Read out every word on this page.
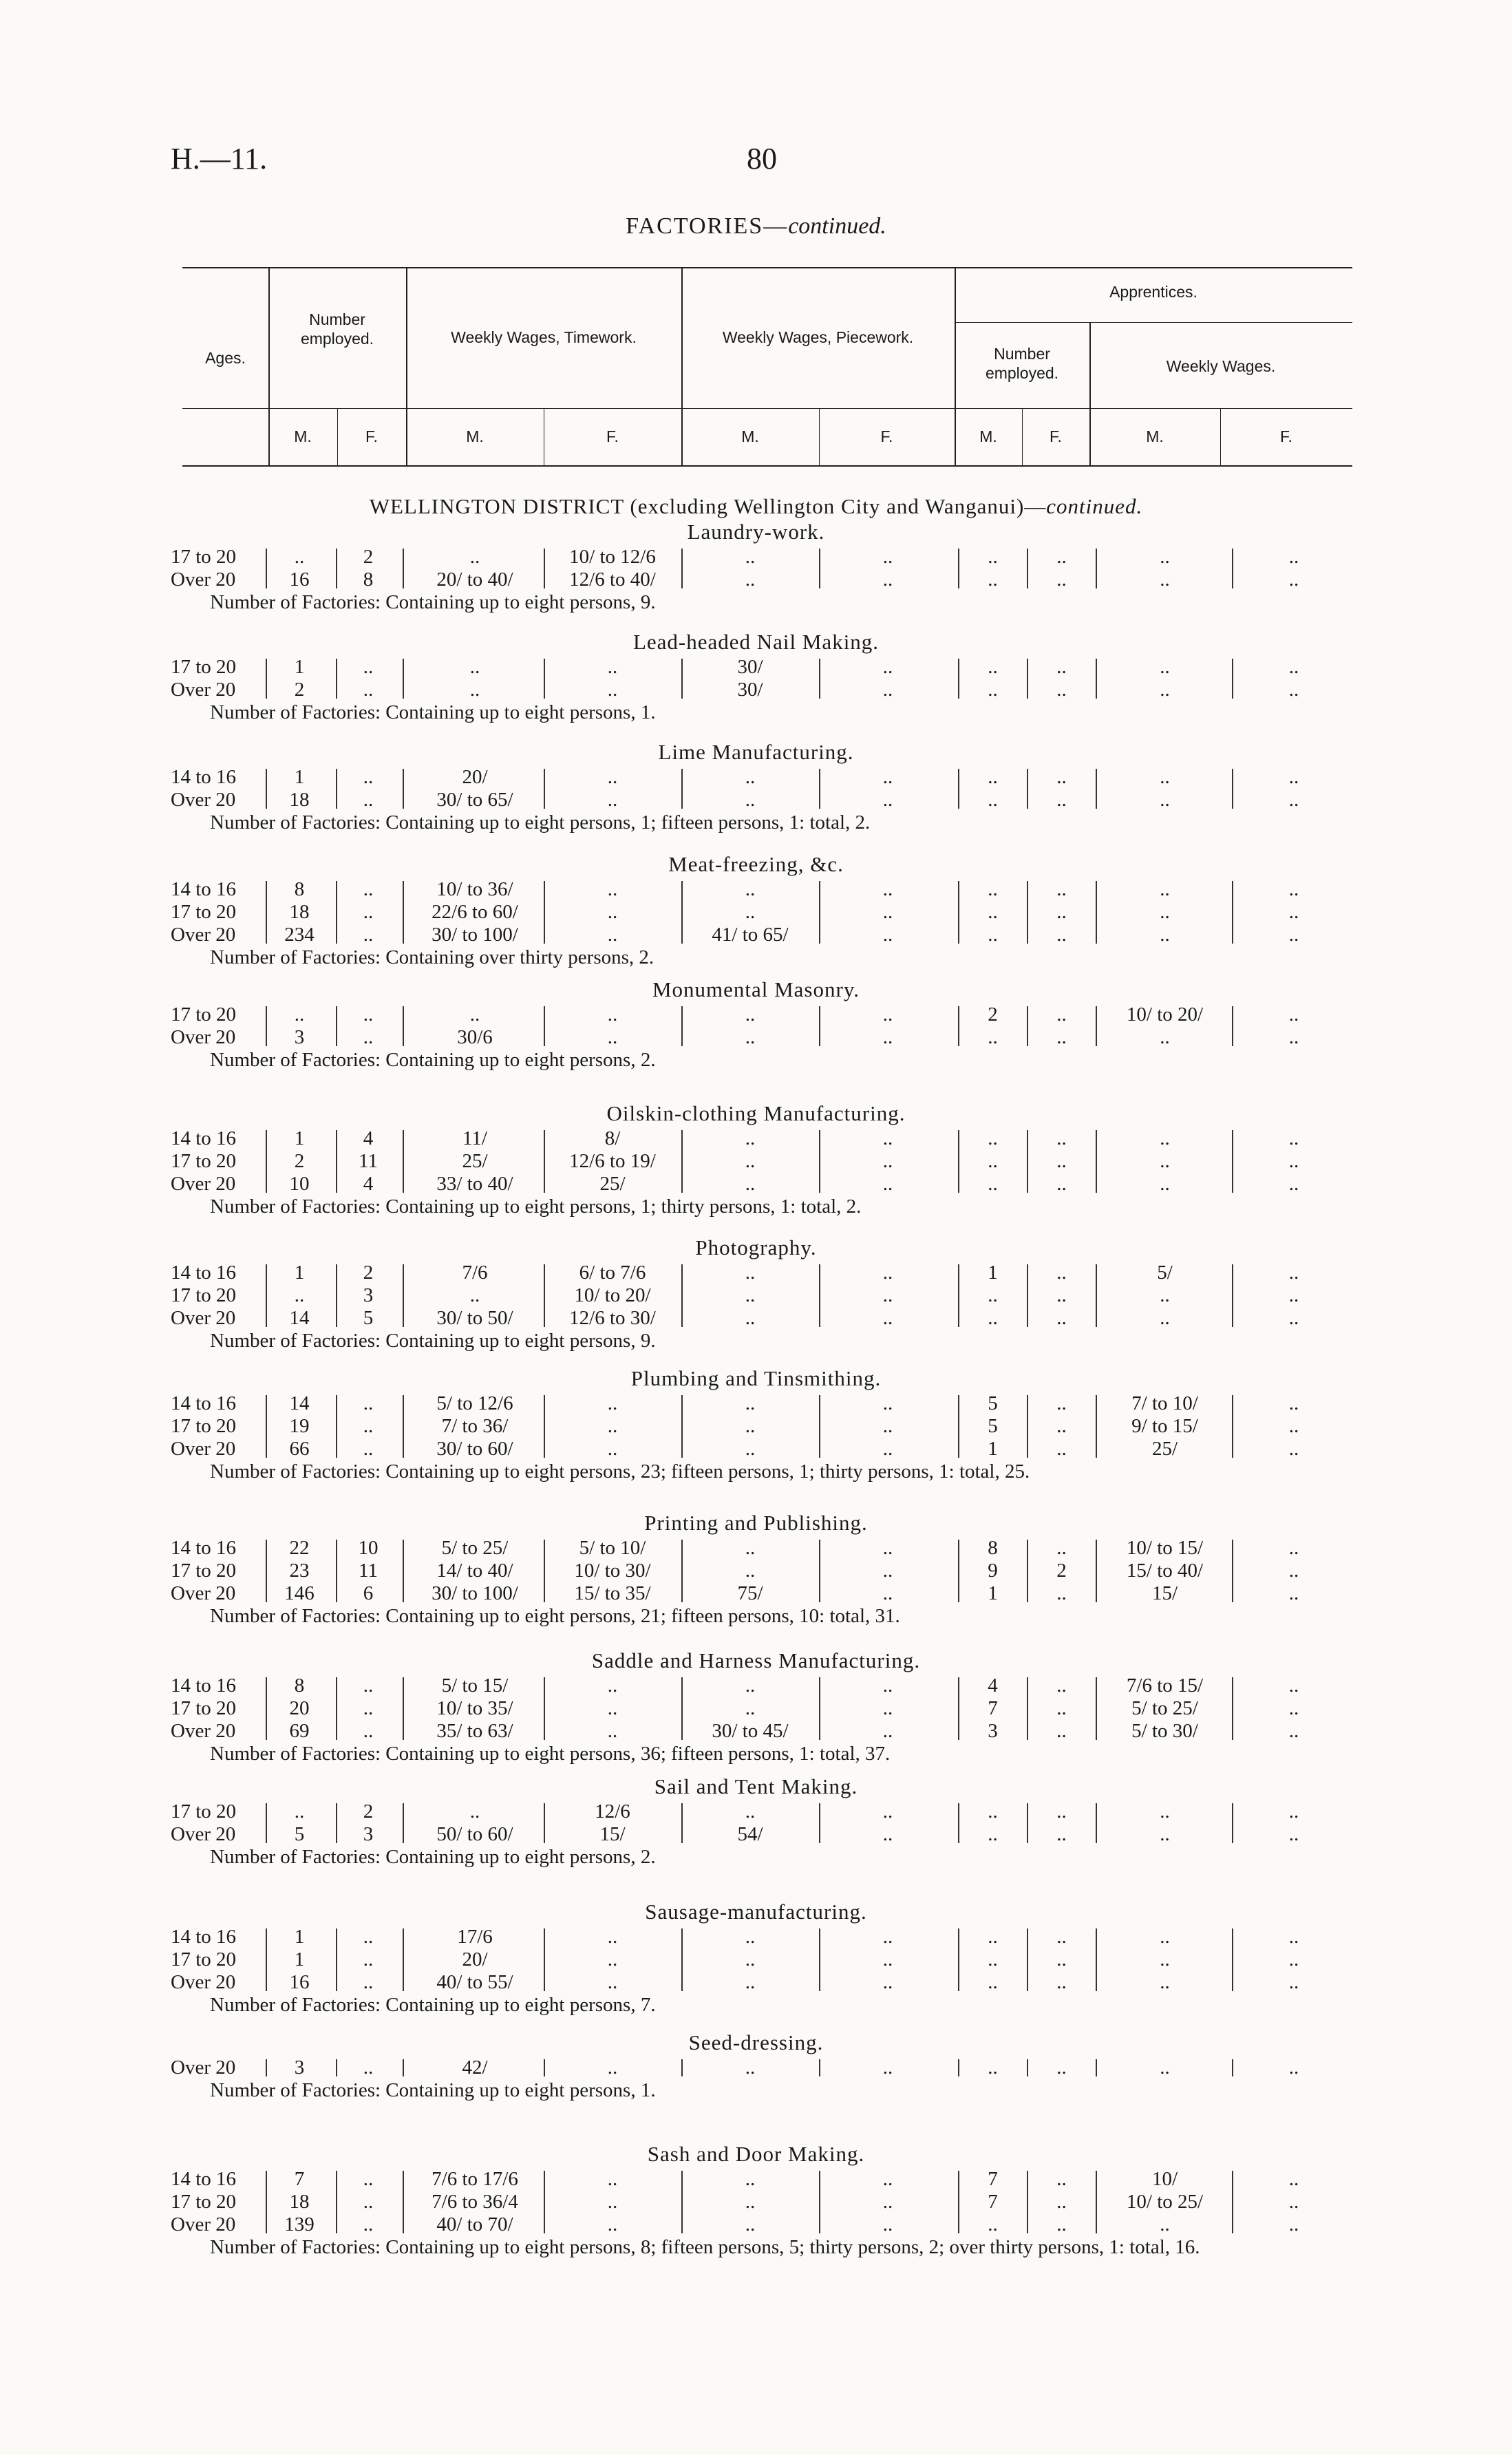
H.—11.	80
FACTORIES—continued.
Ages.
Number
employed.	Weekly Wages, Timework.	Weekly Wages, Piecework.
Apprentices.
Number
employed.	Weekly Wages.
M.	F.	M.	F.	M.	F.	M.	F.	M.	F.
WELLINGTON DISTRICT (excluding Wellington City and Wanganui)—continued.
Laundry-work.
17 to 20	..	2	..	10/ to 12/6	..	..	..	..	..	..
Over 20	16	8	20/ to 40/	12/6 to 40/	..	..	..	..	..	..
Number of Factories: Containing up to eight persons, 9.
Lead-headed Nail Making.
17 to 20	1	..	..	..	30/	..	..	..	..	..
Over 20	2	..	..	..	30/	..	..	..	..	..
Number of Factories: Containing up to eight persons, 1.
Lime Manufacturing.
14 to 16	1	..	20/	..	..	..	..	..	..	..
Over 20	18	..	30/ to 65/	..	..	..	..	..	..	..
Number of Factories: Containing up to eight persons, 1; fifteen persons, 1: total, 2.
Meat-freezing, &c.
14 to 16	8	..	10/ to 36/	..	..	..	..	..	..	..
17 to 20	18	..	22/6 to 60/	..	..	..	..	..	..	..
Over 20	234	..	30/ to 100/	..	41/ to 65/	..	..	..	..	..
Number of Factories: Containing over thirty persons, 2.
Monumental Masonry.
17 to 20	..	..	..	..	..	..	2	..	10/ to 20/	..
Over 20	3	..	30/6	..	..	..	..	..	..	..
Number of Factories: Containing up to eight persons, 2.
Oilskin-clothing Manufacturing.
14 to 16	1	4	11/	8/	..	..	..	..	..	..
17 to 20	2	11	25/	12/6 to 19/	..	..	..	..	..	..
Over 20	10	4	33/ to 40/	25/	..	..	..	..	..	..
Number of Factories: Containing up to eight persons, 1; thirty persons, 1: total, 2.
Photography.
14 to 16	1	2	7/6	6/ to 7/6	..	..	1	..	5/	..
17 to 20	..	3	..	10/ to 20/	..	..	..	..	..	..
Over 20	14	5	30/ to 50/	12/6 to 30/	..	..	..	..	..	..
Number of Factories: Containing up to eight persons, 9.
Plumbing and Tinsmithing.
14 to 16	14	..	5/ to 12/6	..	..	..	5	..	7/ to 10/	..
17 to 20	19	..	7/ to 36/	..	..	..	5	..	9/ to 15/	..
Over 20	66	..	30/ to 60/	..	..	..	1	..	25/	..
Number of Factories: Containing up to eight persons, 23; fifteen persons, 1; thirty persons, 1: total, 25.
Printing and Publishing.
14 to 16	22	10	5/ to 25/	5/ to 10/	..	..	8	..	10/ to 15/	..
17 to 20	23	11	14/ to 40/	10/ to 30/	..	..	9	2	15/ to 40/	..
Over 20	146	6	30/ to 100/	15/ to 35/	75/	..	1	..	15/	..
Number of Factories: Containing up to eight persons, 21; fifteen persons, 10: total, 31.
Saddle and Harness Manufacturing.
14 to 16	8	..	5/ to 15/	..	..	..	4	..	7/6 to 15/	..
17 to 20	20	..	10/ to 35/	..	..	..	7	..	5/ to 25/	..
Over 20	69	..	35/ to 63/	..	30/ to 45/	..	3	..	5/ to 30/	..
Number of Factories: Containing up to eight persons, 36; fifteen persons, 1: total, 37.
Sail and Tent Making.
17 to 20	..	2	..	12/6	..	..	..	..	..	..
Over 20	5	3	50/ to 60/	15/	54/	..	..	..	..	..
Number of Factories: Containing up to eight persons, 2.
Sausage-manufacturing.
14 to 16	1	..	17/6	..	..	..	..	..	..	..
17 to 20	1	..	20/	..	..	..	..	..	..	..
Over 20	16	..	40/ to 55/	..	..	..	..	..	..	..
Number of Factories: Containing up to eight persons, 7.
Seed-dressing.
Over 20	3	..	42/	..	..	..	..	..	..	..
Number of Factories: Containing up to eight persons, 1.
Sash and Door Making.
14 to 16	7	..	7/6 to 17/6	..	..	..	7	..	10/	..
17 to 20	18	..	7/6 to 36/4	..	..	..	7	..	10/ to 25/	..
Over 20	139	..	40/ to 70/	..	..	..	..	..	..	..
Number of Factories: Containing up to eight persons, 8; fifteen persons, 5; thirty persons, 2; over thirty persons, 1: total, 16.
